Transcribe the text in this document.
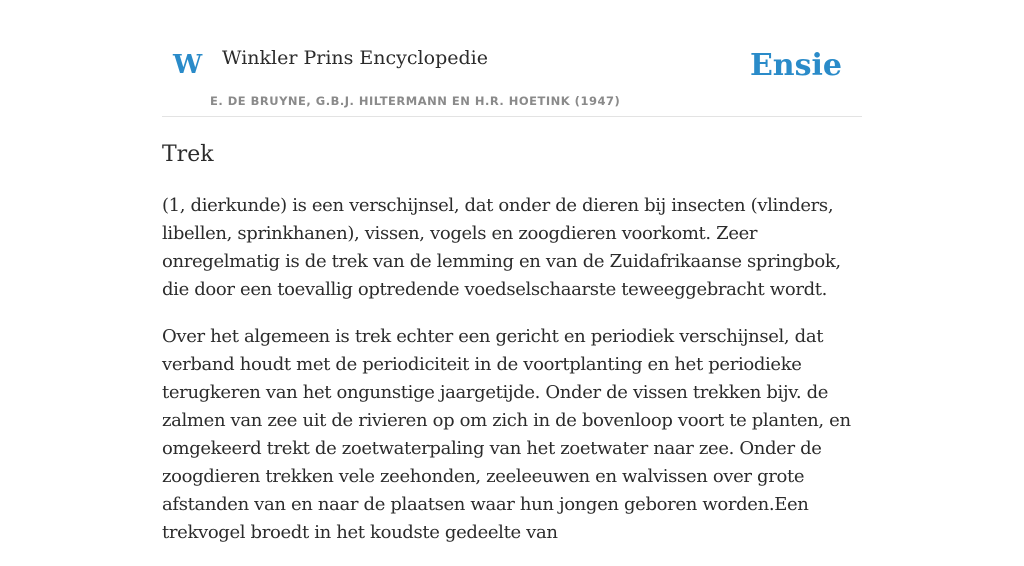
W Winkler Prins Encyclopedie
E. DE BRUYNE, G.B.J. HILTERMANN EN H.R. HOETINK (1947)
Ensie
Trek

(1, dierkunde) is een verschijnsel, dat onder de dieren bij insecten (vlinders, libellen, sprinkhanen), vissen, vogels en zoogdieren voorkomt. Zeer onregelmatig is de trek van de lemming en van de Zuidafrikaanse springbok, die door een toevallig optredende voedselschaarste teweeggebracht wordt.

Over het algemeen is trek echter een gericht en periodiek verschijnsel, dat verband houdt met de periodiciteit in de voortplanting en het periodieke terugkeren van het ongunstige jaargetijde. Onder de vissen trekken bijv. de zalmen van zee uit de rivieren op om zich in de bovenloop voort te planten, en omgekeerd trekt de zoetwaterpaling van het zoetwater naar zee. Onder de zoogdieren trekken vele zeehonden, zeeleeuwen en walvissen over grote afstanden van en naar de plaatsen waar hun jongen geboren worden.Een trekvogel broedt in het koudste gedeelte van
